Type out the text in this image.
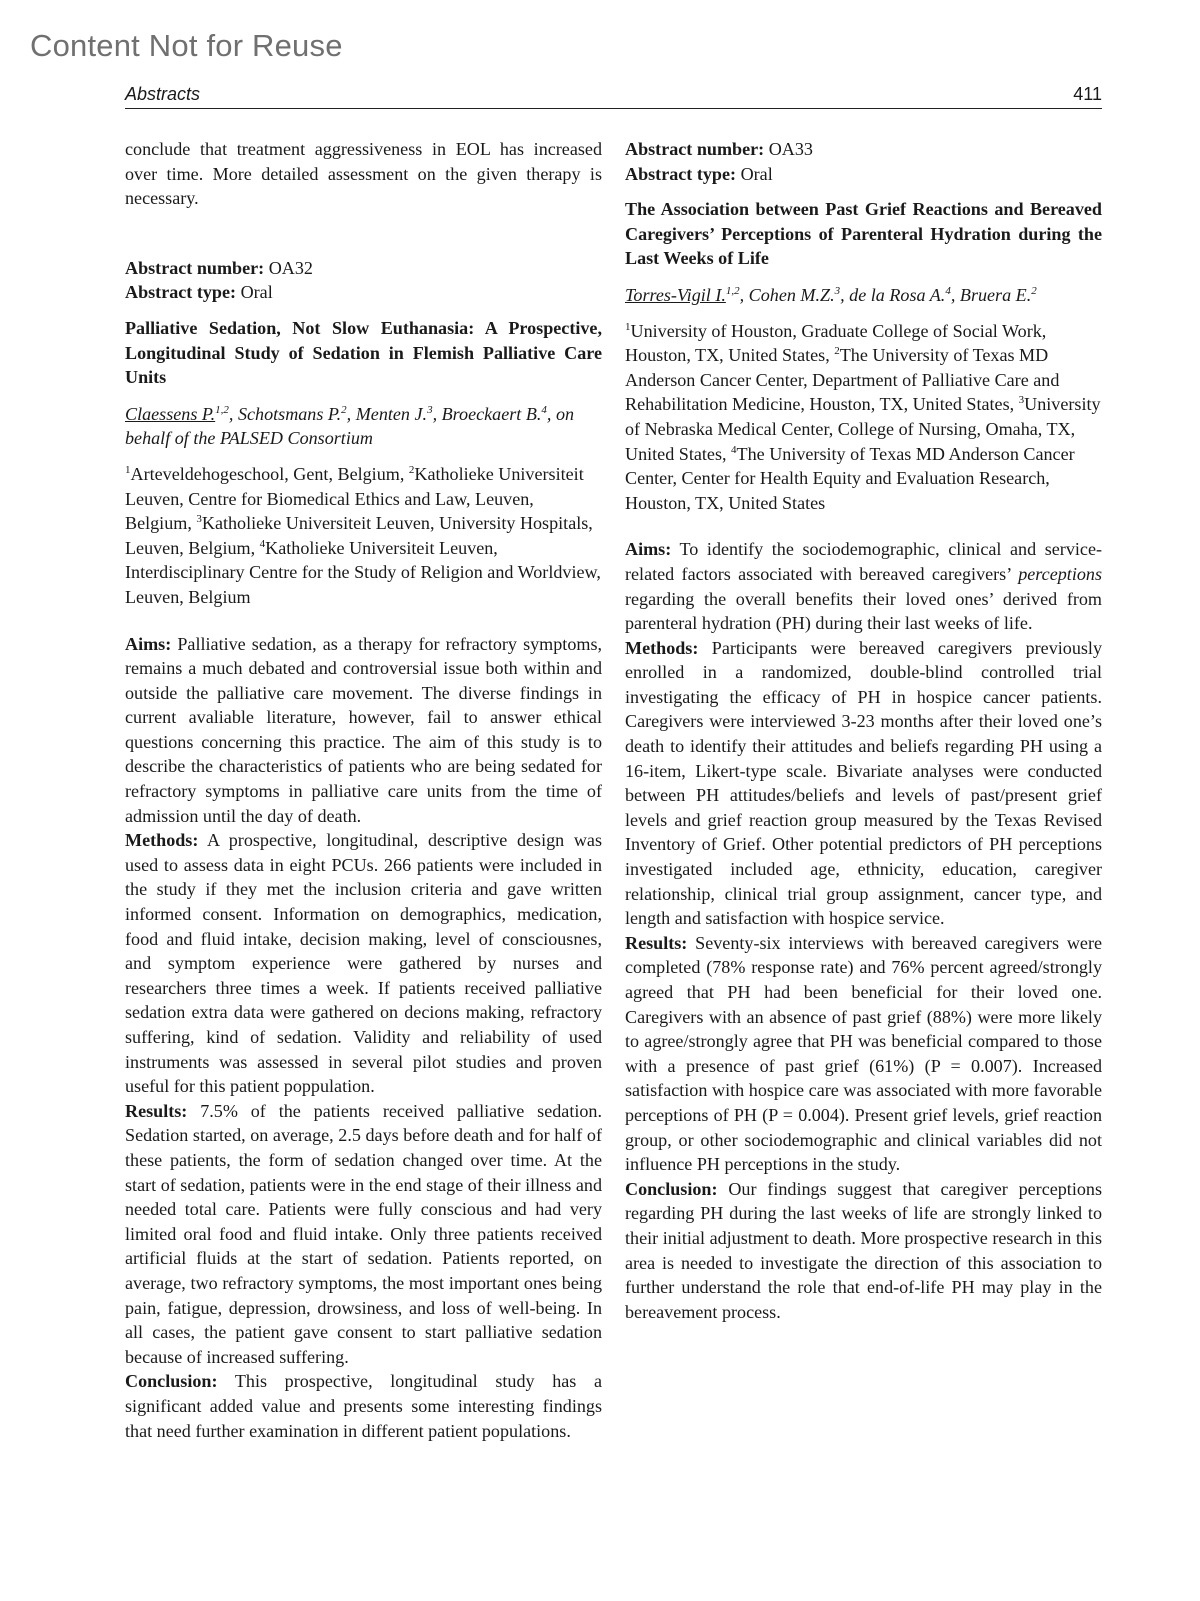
Content Not for Reuse
Abstracts	411

conclude that treatment aggressiveness in EOL has increased over time. More detailed assessment on the given therapy is necessary.

Abstract number: OA32

Abstract type: Oral

Palliative Sedation, Not Slow Euthanasia: A Prospective, Longitudinal Study of Sedation in Flemish Palliative Care Units

Claessens P.$^{1,2}$, Schotsmans P.$^2$, Menten J.$^3$, Broeckaert B.$^4$, on behalf of the PALSED Consortium

$^1$Arteveldehogeschool, Gent, Belgium, $^2$Katholieke Universiteit Leuven, Centre for Biomedical Ethics and Law, Leuven, Belgium, $^3$Katholieke Universiteit Leuven, University Hospitals, Leuven, Belgium, $^4$Katholieke Universiteit Leuven, Interdisciplinary Centre for the Study of Religion and Worldview, Leuven, Belgium

Aims: Palliative sedation, as a therapy for refractory symptoms, remains a much debated and controversial issue both within and outside the palliative care movement. The diverse findings in current avaliable literature, however, fail to answer ethical questions concerning this practice. The aim of this study is to describe the characteristics of patients who are being sedated for refractory symptoms in palliative care units from the time of admission until the day of death.

Methods: A prospective, longitudinal, descriptive design was used to assess data in eight PCUs. 266 patients were included in the study if they met the inclusion criteria and gave written informed consent. Information on demographics, medication, food and fluid intake, decision making, level of consciousnes, and symptom experience were gathered by nurses and researchers three times a week. If patients received palliative sedation extra data were gathered on decions making, refractory suffering, kind of sedation. Validity and reliability of used instruments was assessed in several pilot studies and proven useful for this patient poppulation.

Results: 7.5% of the patients received palliative sedation. Sedation started, on average, 2.5 days before death and for half of these patients, the form of sedation changed over time. At the start of sedation, patients were in the end stage of their illness and needed total care. Patients were fully conscious and had very limited oral food and fluid intake. Only three patients received artificial fluids at the start of sedation. Patients reported, on average, two refractory symptoms, the most important ones being pain, fatigue, depression, drowsiness, and loss of well-being. In all cases, the patient gave consent to start palliative sedation because of increased suffering.

Conclusion: This prospective, longitudinal study has a significant added value and presents some interesting findings that need further examination in different patient populations.

Abstract number: OA33

Abstract type: Oral

The Association between Past Grief Reactions and Bereaved Caregivers’ Perceptions of Parenteral Hydration during the Last Weeks of Life

Torres-Vigil I.$^{1,2}$, Cohen M.Z.$^3$, de la Rosa A.$^4$, Bruera E.$^2$

$^1$University of Houston, Graduate College of Social Work, Houston, TX, United States, $^2$The University of Texas MD Anderson Cancer Center, Department of Palliative Care and Rehabilitation Medicine, Houston, TX, United States, $^3$University of Nebraska Medical Center, College of Nursing, Omaha, TX, United States, $^4$The University of Texas MD Anderson Cancer Center, Center for Health Equity and Evaluation Research, Houston, TX, United States

Aims: To identify the sociodemographic, clinical and service-related factors associated with bereaved caregivers’ perceptions regarding the overall benefits their loved ones’ derived from parenteral hydration (PH) during their last weeks of life.

Methods: Participants were bereaved caregivers previously enrolled in a randomized, double-blind controlled trial investigating the efficacy of PH in hospice cancer patients. Caregivers were interviewed 3-23 months after their loved one’s death to identify their attitudes and beliefs regarding PH using a 16-item, Likert-type scale. Bivariate analyses were conducted between PH attitudes/beliefs and levels of past/present grief levels and grief reaction group measured by the Texas Revised Inventory of Grief. Other potential predictors of PH perceptions investigated included age, ethnicity, education, caregiver relationship, clinical trial group assignment, cancer type, and length and satisfaction with hospice service.

Results: Seventy-six interviews with bereaved caregivers were completed (78% response rate) and 76% percent agreed/strongly agreed that PH had been beneficial for their loved one. Caregivers with an absence of past grief (88%) were more likely to agree/strongly agree that PH was beneficial compared to those with a presence of past grief (61%) (P = 0.007). Increased satisfaction with hospice care was associated with more favorable perceptions of PH (P = 0.004). Present grief levels, grief reaction group, or other sociodemographic and clinical variables did not influence PH perceptions in the study.

Conclusion: Our findings suggest that caregiver perceptions regarding PH during the last weeks of life are strongly linked to their initial adjustment to death. More prospective research in this area is needed to investigate the direction of this association to further understand the role that end-of-life PH may play in the bereavement process.
